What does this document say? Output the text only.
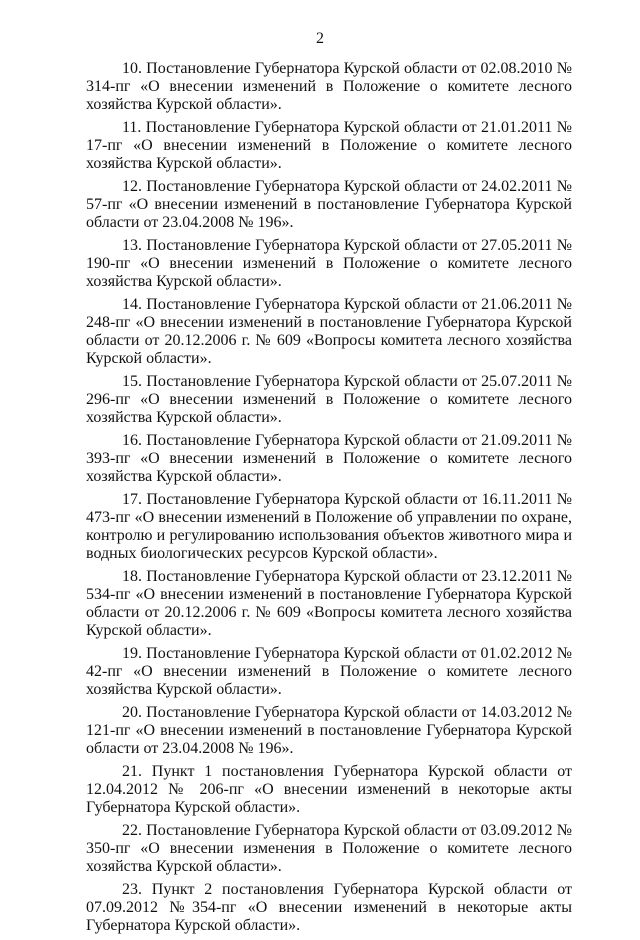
2

10. Постановление Губернатора Курской области от 02.08.2010 № 314-пг «О внесении изменений в Положение о комитете лесного хозяйства Курской области».

11. Постановление Губернатора Курской области от 21.01.2011 № 17-пг «О внесении изменений в Положение о комитете лесного хозяйства Курской области».

12. Постановление Губернатора Курской области от 24.02.2011 № 57-пг «О внесении изменений в постановление Губернатора Курской области от 23.04.2008 № 196».

13. Постановление Губернатора Курской области от 27.05.2011 № 190-пг «О внесении изменений в Положение о комитете лесного хозяйства Курской области».

14. Постановление Губернатора Курской области от 21.06.2011 № 248-пг «О внесении изменений в постановление Губернатора Курской области от 20.12.2006 г. № 609 «Вопросы комитета лесного хозяйства Курской области».

15. Постановление Губернатора Курской области от 25.07.2011 № 296-пг «О внесении изменений в Положение о комитете лесного хозяйства Курской области».

16. Постановление Губернатора Курской области от 21.09.2011 № 393-пг «О внесении изменений в Положение о комитете лесного хозяйства Курской области».

17. Постановление Губернатора Курской области от 16.11.2011 № 473-пг «О внесении изменений в Положение об управлении по охране, контролю и регулированию использования объектов животного мира и водных биологических ресурсов Курской области».

18. Постановление Губернатора Курской области от 23.12.2011 № 534-пг «О внесении изменений в постановление Губернатора Курской области от 20.12.2006 г. № 609 «Вопросы комитета лесного хозяйства Курской области».

19. Постановление Губернатора Курской области от 01.02.2012 № 42-пг «О внесении изменений в Положение о комитете лесного хозяйства Курской области».

20. Постановление Губернатора Курской области от 14.03.2012 № 121-пг «О внесении изменений в постановление Губернатора Курской области от 23.04.2008 № 196».

21. Пункт 1 постановления Губернатора Курской области от 12.04.2012 № 206-пг «О внесении изменений в некоторые акты Губернатора Курской области».

22. Постановление Губернатора Курской области от 03.09.2012 № 350-пг «О внесении изменения в Положение о комитете лесного хозяйства Курской области».

23. Пункт 2 постановления Губернатора Курской области от 07.09.2012 №354-пг «О внесении изменений в некоторые акты Губернатора Курской области».
